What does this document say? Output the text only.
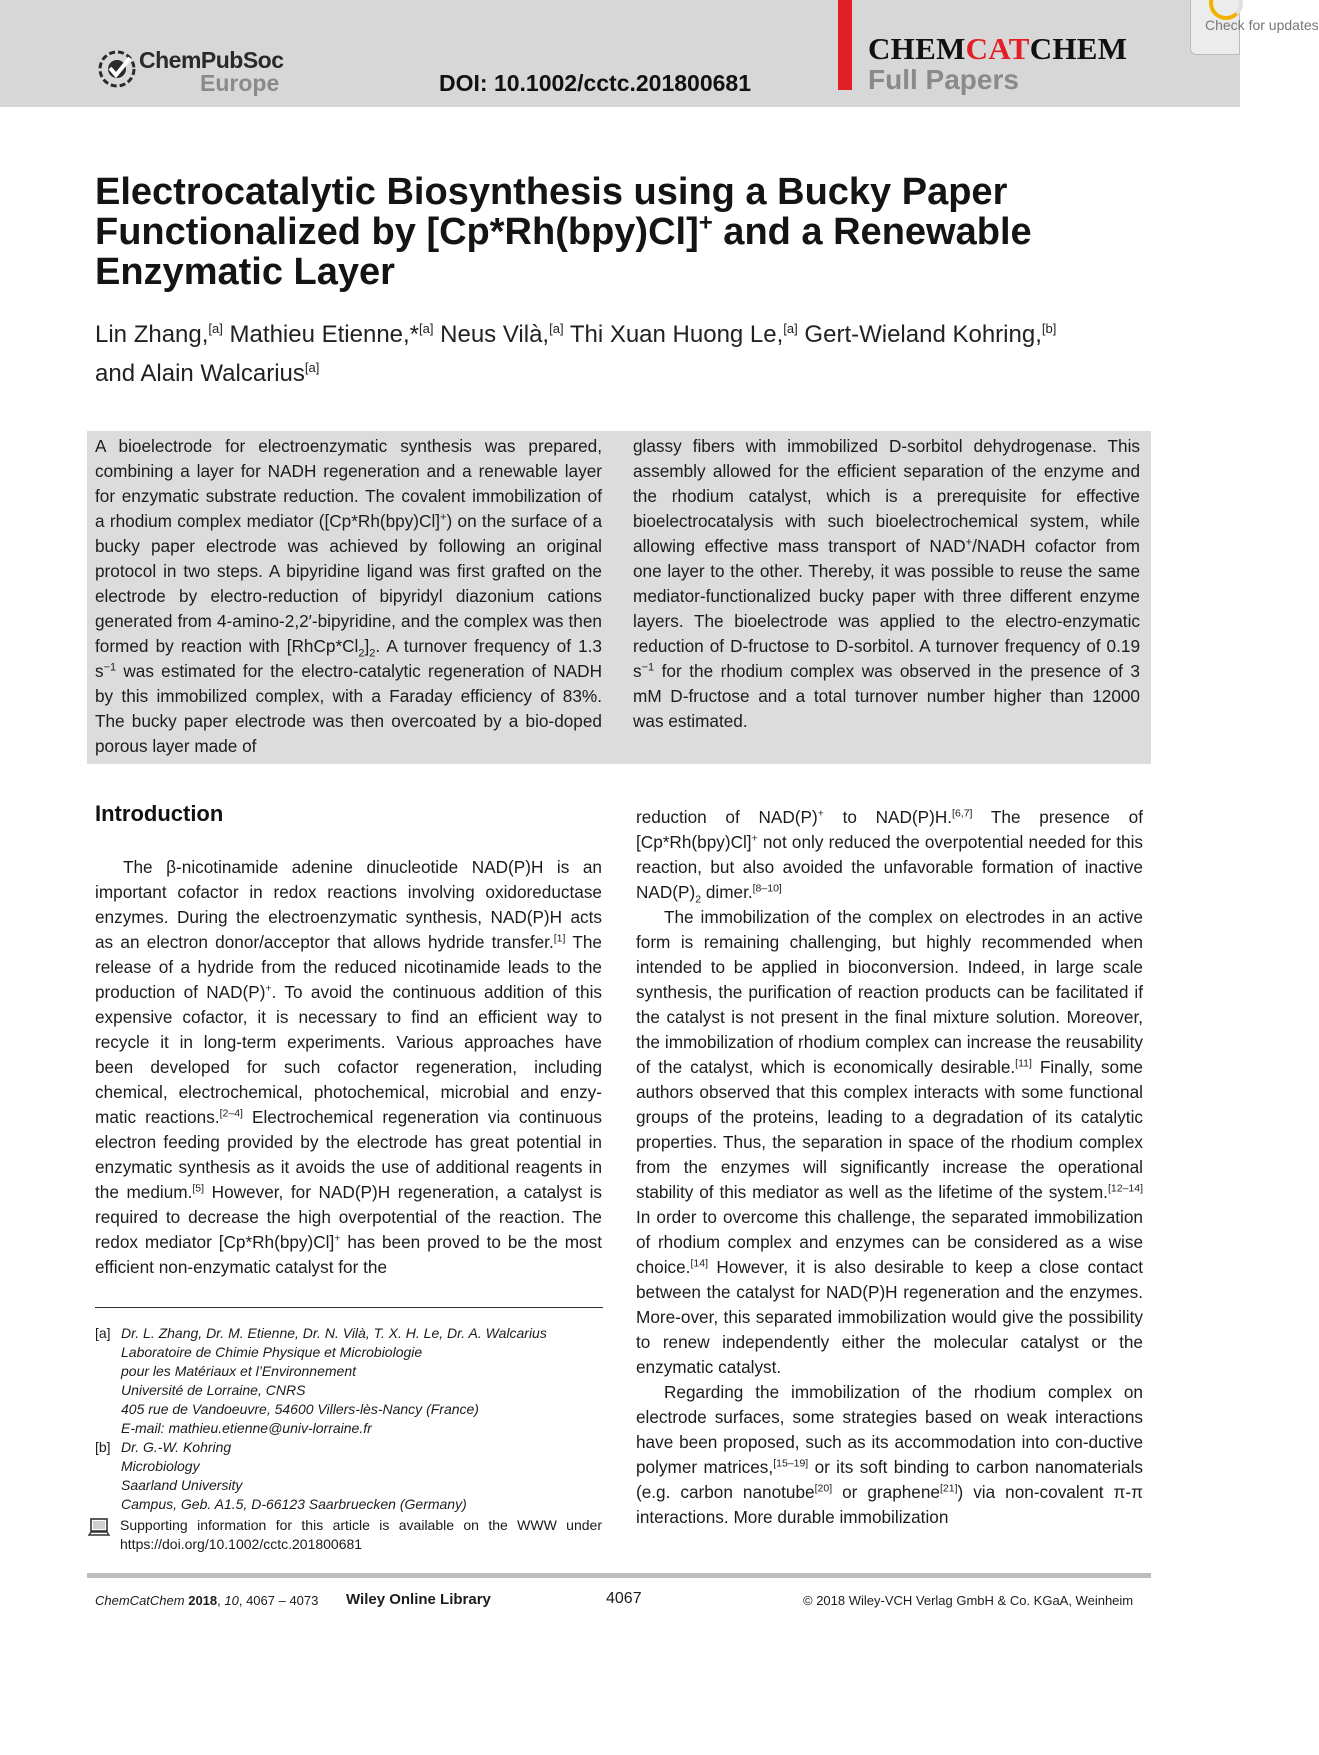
ChemPubSoc
Europe	DOI: 10.1002/cctc.201800681
CHEMCATCHEM
Full Papers
Check for updates
Electrocatalytic Biosynthesis using a Bucky Paper Functionalized by [Cp*Rh(bpy)Cl]+ and a Renewable Enzymatic Layer
Lin Zhang,[a] Mathieu Etienne,*[a] Neus Vilà,[a] Thi Xuan Huong Le,[a] Gert-Wieland Kohring,[b]
and Alain Walcarius[a]
A bioelectrode for electroenzymatic synthesis was prepared, combining a layer for NADH regeneration and a renewable layer for enzymatic substrate reduction. The covalent immobilization of a rhodium complex mediator ([Cp*Rh(bpy)Cl]+) on the surface of a bucky paper electrode was achieved by following an original protocol in two steps. A bipyridine ligand was first grafted on the electrode by electro-reduction of bipyridyl diazonium cations generated from 4-amino-2,2′-bipyridine, and the complex was then formed by reaction with $[RhCp*Cl_2]_2$. A turnover frequency of 1.3 $s^{-1}$ was estimated for the electro-catalytic regeneration of NADH by this immobilized complex, with a Faraday efficiency of 83%. The bucky paper electrode was then overcoated by a bio-doped porous layer made of
glassy fibers with immobilized D-sorbitol dehydrogenase. This assembly allowed for the efficient separation of the enzyme and the rhodium catalyst, which is a prerequisite for effective bioelectrocatalysis with such bioelectrochemical system, while allowing effective mass transport of NAD+/NADH cofactor from one layer to the other. Thereby, it was possible to reuse the same mediator-functionalized bucky paper with three different enzyme layers. The bioelectrode was applied to the electro-enzymatic reduction of D-fructose to D-sorbitol. A turnover frequency of 0.19 $s^{-1}$ for the rhodium complex was observed in the presence of 3 mM D-fructose and a total turnover number higher than 12000 was estimated.
Introduction

The β-nicotinamide adenine dinucleotide NAD(P)H is an important cofactor in redox reactions involving oxidoreductase enzymes. During the electroenzymatic synthesis, NAD(P)H acts as an electron donor/acceptor that allows hydride transfer.[1] The release of a hydride from the reduced nicotinamide leads to the production of NAD(P)+. To avoid the continuous addition of this expensive cofactor, it is necessary to find an efficient way to recycle it in long-term experiments. Various approaches have been developed for such cofactor regeneration, including chemical, electrochemical, photochemical, microbial and enzy-matic reactions.[2–4] Electrochemical regeneration via continuous electron feeding provided by the electrode has great potential in enzymatic synthesis as it avoids the use of additional reagents in the medium.[5] However, for NAD(P)H regeneration, a catalyst is required to decrease the high overpotential of the reaction. The redox mediator [Cp*Rh(bpy)Cl]+ has been proved to be the most efficient non-enzymatic catalyst for the

reduction of NAD(P)+ to NAD(P)H.[6,7] The presence of [Cp*Rh(bpy)Cl]+ not only reduced the overpotential needed for this reaction, but also avoided the unfavorable formation of inactive $NAD(P)_2$ dimer.[8–10]

The immobilization of the complex on electrodes in an active form is remaining challenging, but highly recommended when intended to be applied in bioconversion. Indeed, in large scale synthesis, the purification of reaction products can be facilitated if the catalyst is not present in the final mixture solution. Moreover, the immobilization of rhodium complex can increase the reusability of the catalyst, which is economically desirable.[11] Finally, some authors observed that this complex interacts with some functional groups of the proteins, leading to a degradation of its catalytic properties. Thus, the separation in space of the rhodium complex from the enzymes will significantly increase the operational stability of this mediator as well as the lifetime of the system.[12–14] In order to overcome this challenge, the separated immobilization of rhodium complex and enzymes can be considered as a wise choice.[14] However, it is also desirable to keep a close contact between the catalyst for NAD(P)H regeneration and the enzymes. More-over, this separated immobilization would give the possibility to renew independently either the molecular catalyst or the enzymatic catalyst.

Regarding the immobilization of the rhodium complex on electrode surfaces, some strategies based on weak interactions have been proposed, such as its accommodation into con-ductive polymer matrices,[15–19] or its soft binding to carbon nanomaterials (e.g. carbon nanotube[20] or graphene[21]) via non-covalent π-π interactions. More durable immobilization

[a] Dr. L. Zhang, Dr. M. Etienne, Dr. N. Vilà, T. X. H. Le, Dr. A. Walcarius
Laboratoire de Chimie Physique et Microbiologie
pour les Matériaux et l’Environnement
Université de Lorraine, CNRS
405 rue de Vandoeuvre, 54600 Villers-lès-Nancy (France)
E-mail: mathieu.etienne@univ-lorraine.fr
[b] Dr. G.-W. Kohring
Microbiology
Saarland University
Campus, Geb. A1.5, D-66123 Saarbruecken (Germany)
Supporting information for this article is available on the WWW under https://doi.org/10.1002/cctc.201800681
ChemCatChem 2018, 10, 4067 – 4073 Wiley Online Library	4067	© 2018 Wiley-VCH Verlag GmbH & Co. KGaA, Weinheim
